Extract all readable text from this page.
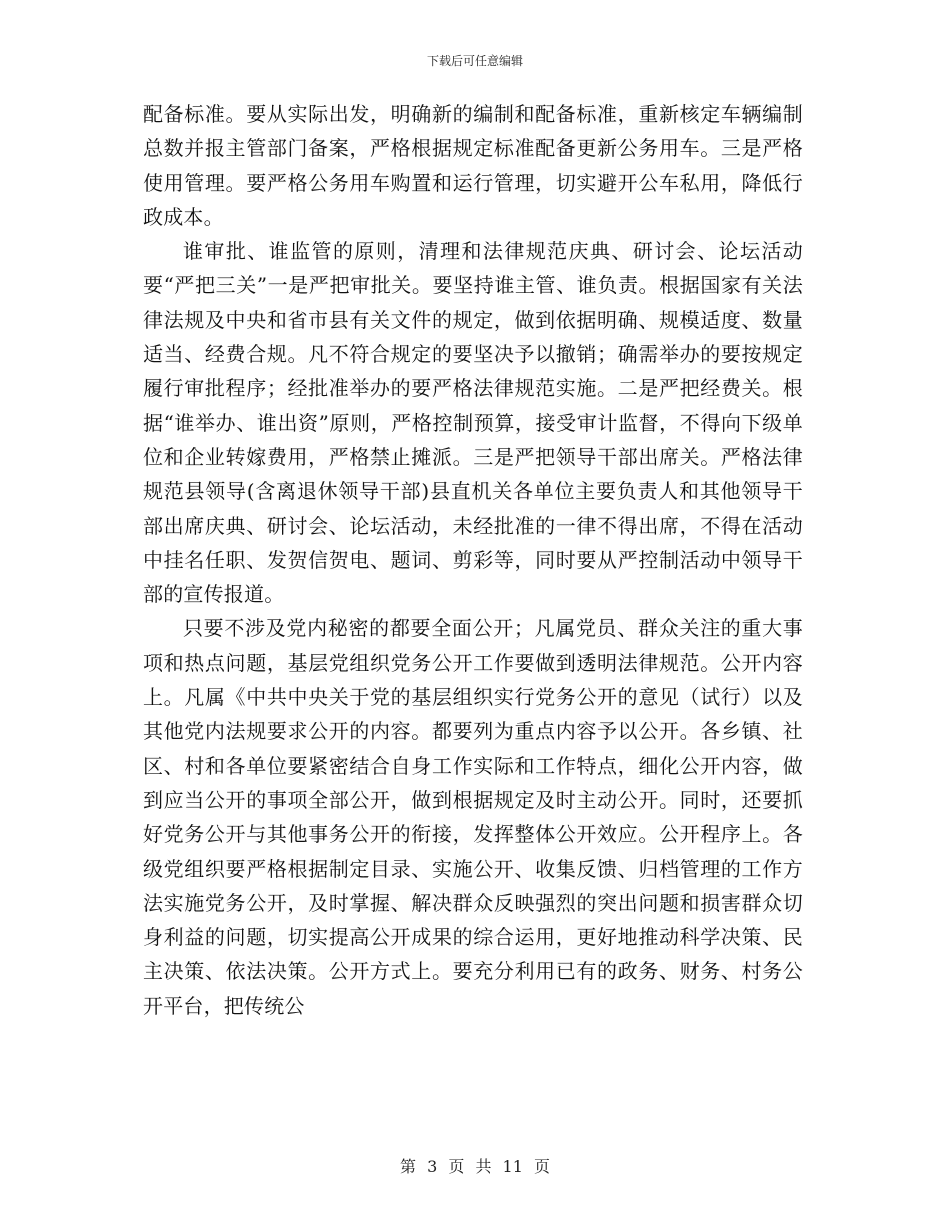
下载后可任意编辑

配备标准。要从实际出发，明确新的编制和配备标准，重新核定车辆编制总数并报主管部门备案，严格根据规定标准配备更新公务用车。三是严格使用管理。要严格公务用车购置和运行管理，切实避开公车私用，降低行政成本。

谁审批、谁监管的原则，清理和法律规范庆典、研讨会、论坛活动要“严把三关”一是严把审批关。要坚持谁主管、谁负责。根据国家有关法律法规及中央和省市县有关文件的规定，做到依据明确、规模适度、数量适当、经费合规。凡不符合规定的要坚决予以撤销；确需举办的要按规定履行审批程序；经批准举办的要严格法律规范实施。二是严把经费关。根据“谁举办、谁出资”原则，严格控制预算，接受审计监督，不得向下级单位和企业转嫁费用，严格禁止摊派。三是严把领导干部出席关。严格法律规范县领导(含离退休领导干部)县直机关各单位主要负责人和其他领导干部出席庆典、研讨会、论坛活动，未经批准的一律不得出席，不得在活动中挂名任职、发贺信贺电、题词、剪彩等，同时要从严控制活动中领导干部的宣传报道。

只要不涉及党内秘密的都要全面公开；凡属党员、群众关注的重大事项和热点问题，基层党组织党务公开工作要做到透明法律规范。公开内容上。凡属《中共中央关于党的基层组织实行党务公开的意见（试行）以及其他党内法规要求公开的内容。都要列为重点内容予以公开。各乡镇、社区、村和各单位要紧密结合自身工作实际和工作特点，细化公开内容，做到应当公开的事项全部公开，做到根据规定及时主动公开。同时，还要抓好党务公开与其他事务公开的衔接，发挥整体公开效应。公开程序上。各级党组织要严格根据制定目录、实施公开、收集反馈、归档管理的工作方法实施党务公开，及时掌握、解决群众反映强烈的突出问题和损害群众切身利益的问题，切实提高公开成果的综合运用，更好地推动科学决策、民主决策、依法决策。公开方式上。要充分利用已有的政务、财务、村务公开平台，把传统公

第 3 页 共 11 页
